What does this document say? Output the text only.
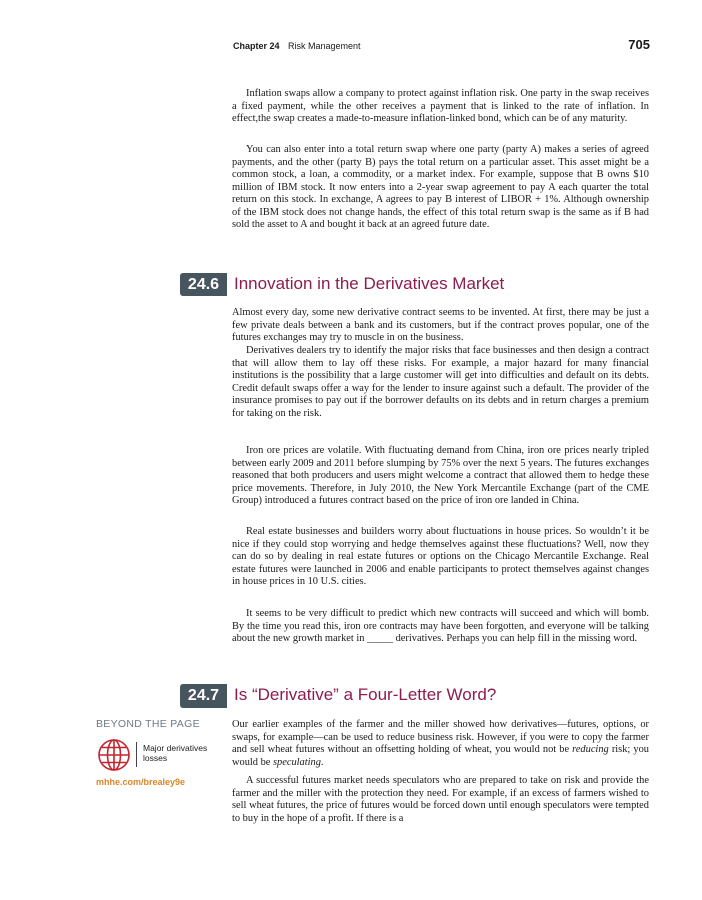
Chapter 24 Risk Management	705

Inflation swaps allow a company to protect against inflation risk. One party in the swap receives a fixed payment, while the other receives a payment that is linked to the rate of inflation. In effect,the swap creates a made-to-measure inflation-linked bond, which can be of any maturity.

You can also enter into a total return swap where one party (party A) makes a series of agreed payments, and the other (party B) pays the total return on a particular asset. This asset might be a common stock, a loan, a commodity, or a market index. For example, suppose that B owns $10 million of IBM stock. It now enters into a 2-year swap agreement to pay A each quarter the total return on this stock. In exchange, A agrees to pay B interest of LIBOR + 1%. Although ownership of the IBM stock does not change hands, the effect of this total return swap is the same as if B had sold the asset to A and bought it back at an agreed future date.

24.6 Innovation in the Derivatives Market

Almost every day, some new derivative contract seems to be invented. At first, there may be just a few private deals between a bank and its customers, but if the contract proves popular, one of the futures exchanges may try to muscle in on the business.

Derivatives dealers try to identify the major risks that face businesses and then design a contract that will allow them to lay off these risks. For example, a major hazard for many financial institutions is the possibility that a large customer will get into difficulties and default on its debts. Credit default swaps offer a way for the lender to insure against such a default. The provider of the insurance promises to pay out if the borrower defaults on its debts and in return charges a premium for taking on the risk.

Iron ore prices are volatile. With fluctuating demand from China, iron ore prices nearly tripled between early 2009 and 2011 before slumping by 75% over the next 5 years. The futures exchanges reasoned that both producers and users might welcome a contract that allowed them to hedge these price movements. Therefore, in July 2010, the New York Mercantile Exchange (part of the CME Group) introduced a futures contract based on the price of iron ore landed in China.

Real estate businesses and builders worry about fluctuations in house prices. So wouldn’t it be nice if they could stop worrying and hedge themselves against these fluctuations? Well, now they can do so by dealing in real estate futures or options on the Chicago Mercantile Exchange. Real estate futures were launched in 2006 and enable participants to protect themselves against changes in house prices in 10 U.S. cities.

It seems to be very difficult to predict which new contracts will succeed and which will bomb. By the time you read this, iron ore contracts may have been forgotten, and everyone will be talking about the new growth market in _____ derivatives. Perhaps you can help fill in the missing word.

24.7 Is “Derivative” a Four-Letter Word?

Our earlier examples of the farmer and the miller showed how derivatives—futures, options, or swaps, for example—can be used to reduce business risk. However, if you were to copy the farmer and sell wheat futures without an offsetting holding of wheat, you would not be reducing risk; you would be speculating.

A successful futures market needs speculators who are prepared to take on risk and provide the farmer and the miller with the protection they need. For example, if an excess of farmers wished to sell wheat futures, the price of futures would be forced down until enough speculators were tempted to buy in the hope of a profit. If there is a

BEYOND THE PAGE
Major derivatives losses
mhhe.com/brealey9e
